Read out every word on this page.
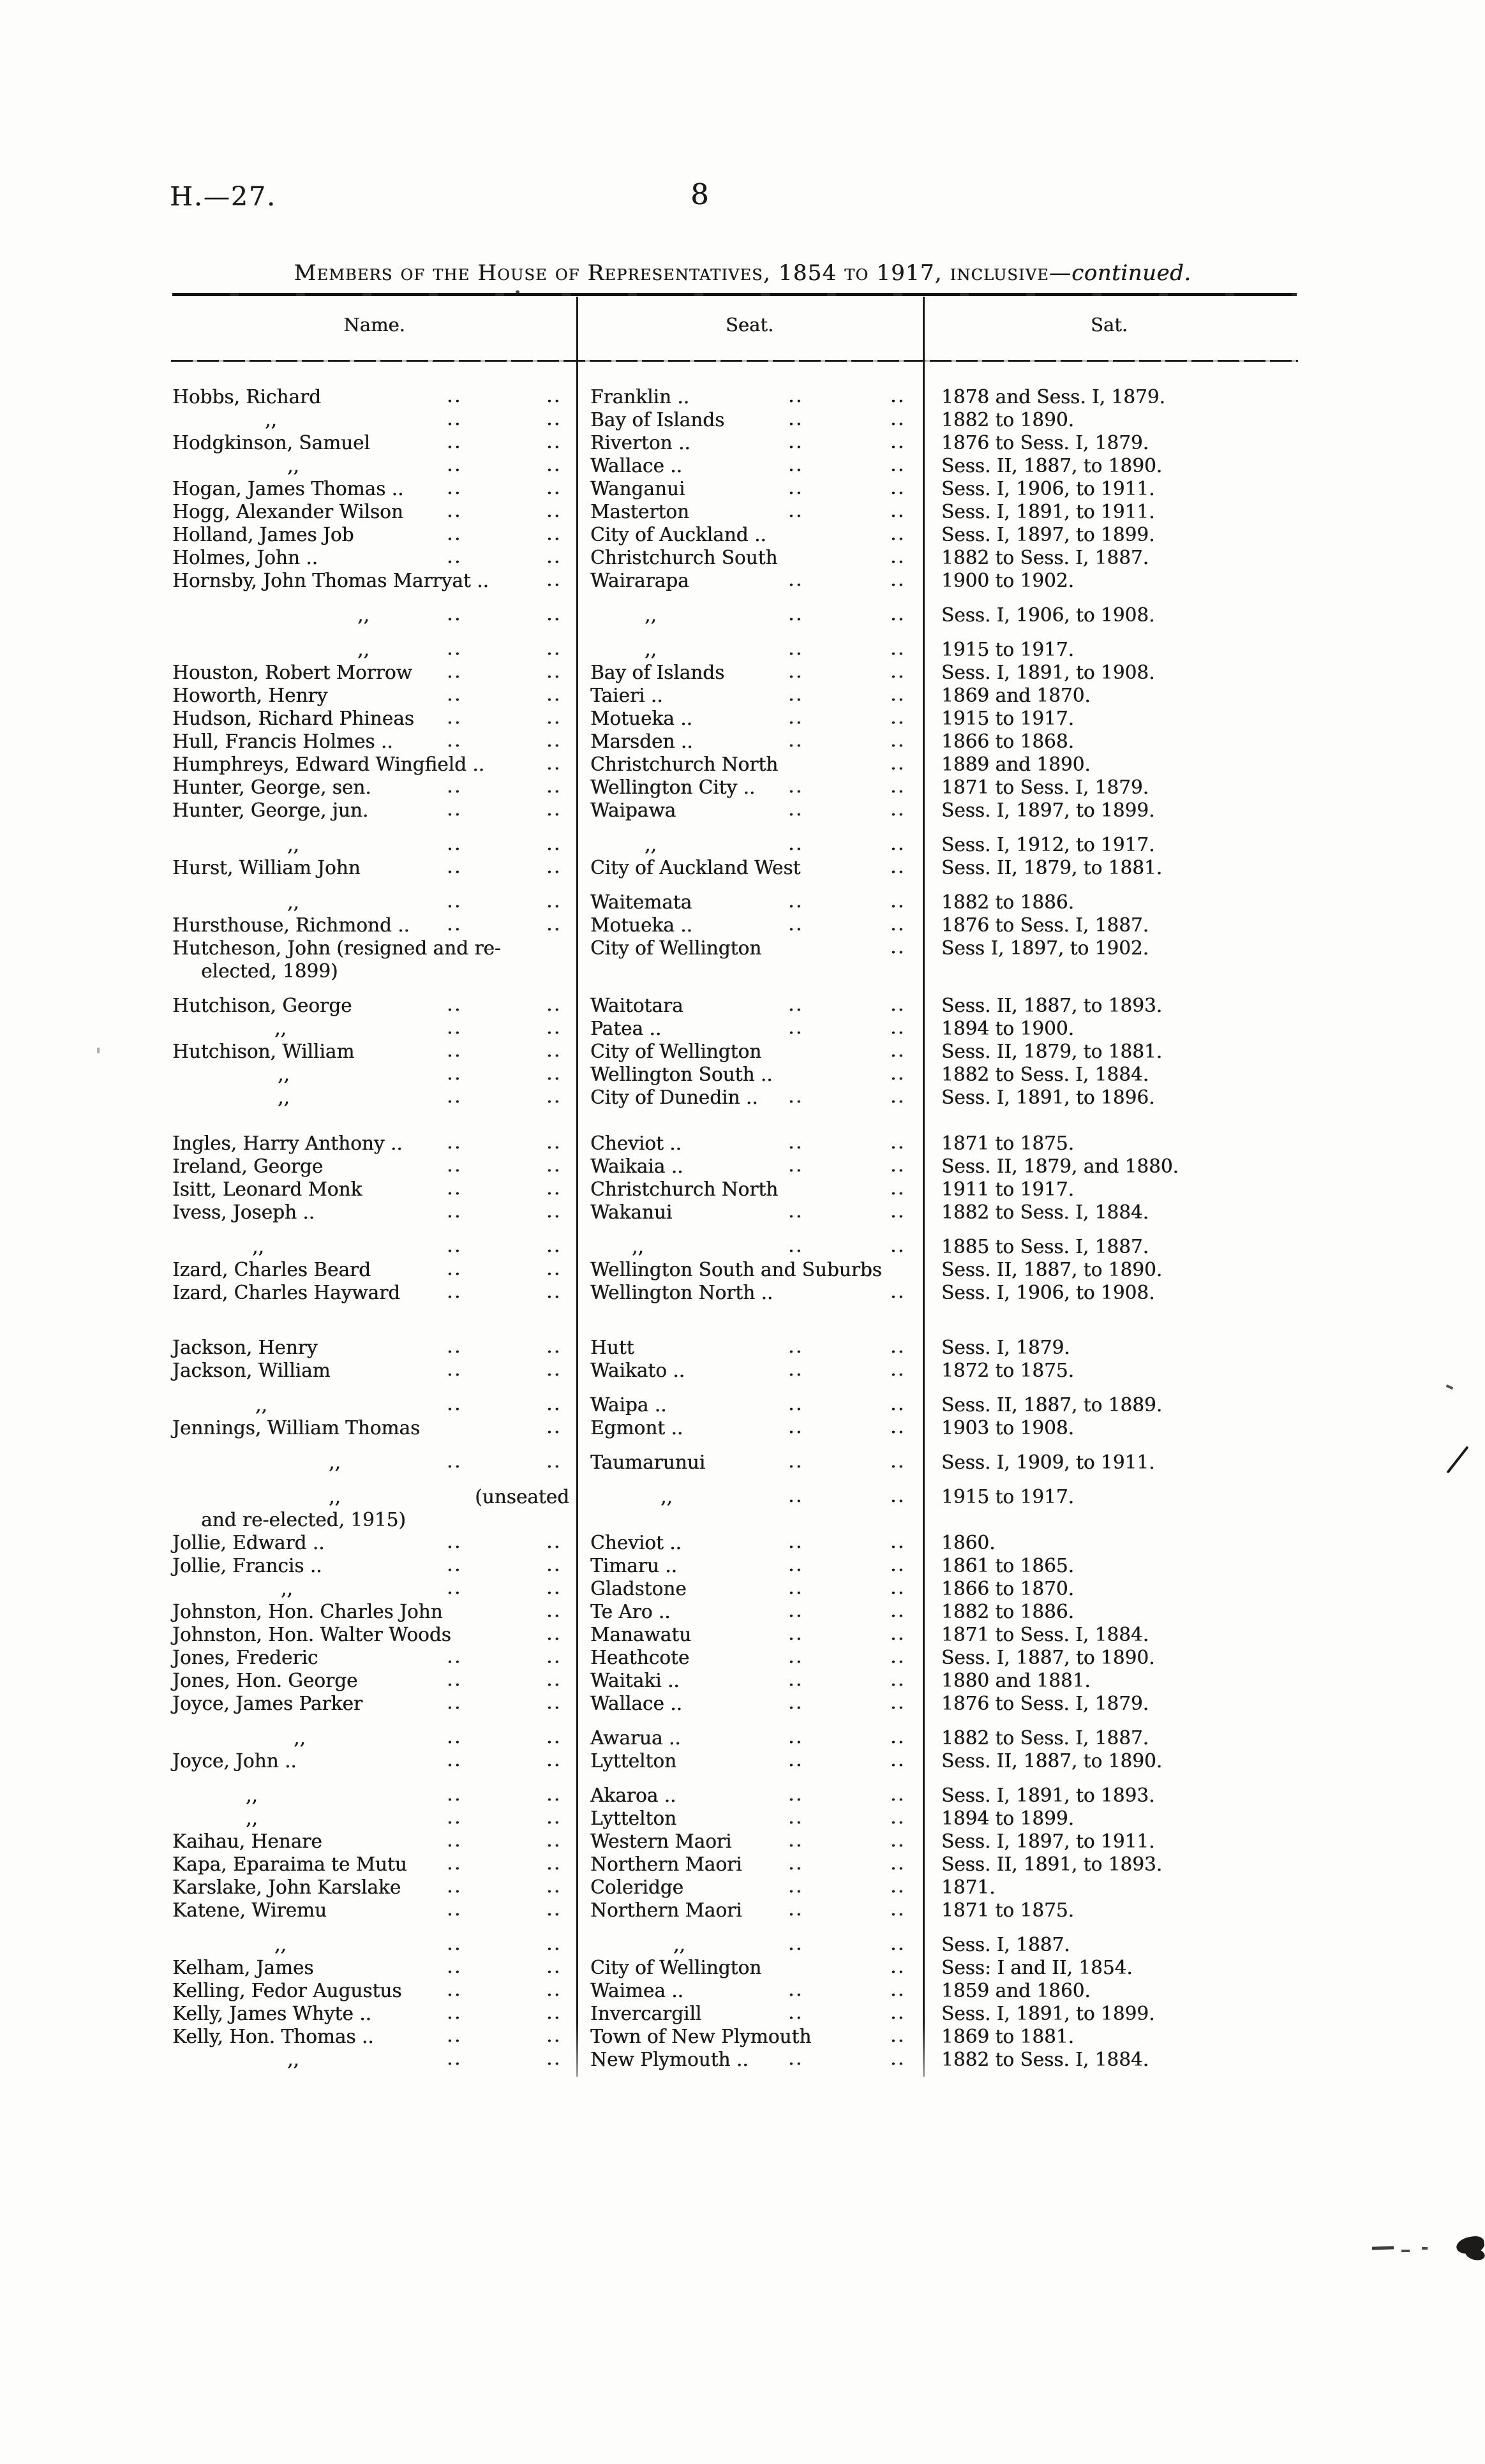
H.—27.	8
Members of the House of Representatives, 1854 to 1917, inclusive—continued.
Name.	Seat.	Sat.
Hobbs, Richard	..	.. Franklin ..	..	.. 1878 and Sess. I, 1879.
,,	..	.. Bay of Islands	..	.. 1882 to 1890.
Hodgkinson, Samuel	..	.. Riverton ..	..	.. 1876 to Sess. I, 1879.
,,	..	.. Wallace ..	..	.. Sess. II, 1887, to 1890.
Hogan, James Thomas .. ..	.. Wanganui	..	.. Sess. I, 1906, to 1911.
Hogg, Alexander Wilson ..	.. Masterton	..	.. Sess. I, 1891, to 1911.
Holland, James Job	..	.. City of Auckland ..	.. Sess. I, 1897, to 1899.
Holmes, John ..	..	.. Christchurch South	.. 1882 to Sess. I, 1887.
Hornsby, John Thomas Marryat ..	.. Wairarapa	..	.. 1900 to 1902.
,,	..	..	,,	..	.. Sess. I, 1906, to 1908.
,,	..	..	,,	..	.. 1915 to 1917.
Houston, Robert Morrow ..	.. Bay of Islands	..	.. Sess. I, 1891, to 1908.
Howorth, Henry	..	.. Taieri ..	..	.. 1869 and 1870.
Hudson, Richard Phineas ..	.. Motueka ..	..	.. 1915 to 1917.
Hull, Francis Holmes ..	..	.. Marsden ..	..	.. 1866 to 1868.
Humphreys, Edward Wingfield ..	.. Christchurch North	.. 1889 and 1890.
Hunter, George, sen.	..	.. Wellington City .. ..	.. 1871 to Sess. I, 1879.
Hunter, George, jun.	..	.. Waipawa	..	.. Sess. I, 1897, to 1899.
,,	..	..	,,	..	.. Sess. I, 1912, to 1917.
Hurst, William John	..	.. City of Auckland West	.. Sess. II, 1879, to 1881.
,,	..	.. Waitemata	..	.. 1882 to 1886.
Hursthouse, Richmond .. ..	.. Motueka ..	..	.. 1876 to Sess. I, 1887.
Hutcheson, John (resigned and re-	City of Wellington	.. Sess I, 1897, to 1902.
elected, 1899)
Hutchison, George	..	.. Waitotara	..	.. Sess. II, 1887, to 1893.
,,	..	.. Patea ..	..	.. 1894 to 1900.
Hutchison, William	..	.. City of Wellington	.. Sess. II, 1879, to 1881.
,,	..	.. Wellington South ..	.. 1882 to Sess. I, 1884.
,,	..	.. City of Dunedin .. ..	.. Sess. I, 1891, to 1896.
Ingles, Harry Anthony .. ..	.. Cheviot ..	..	.. 1871 to 1875.
Ireland, George	..	.. Waikaia ..	..	.. Sess. II, 1879, and 1880.
Isitt, Leonard Monk	..	.. Christchurch North	.. 1911 to 1917.
Ivess, Joseph ..	..	.. Wakanui	..	.. 1882 to Sess. I, 1884.
,,	..	..	,,	..	.. 1885 to Sess. I, 1887.
Izard, Charles Beard	..	.. Wellington South and Suburbs	Sess. II, 1887, to 1890.
Izard, Charles Hayward ..	.. Wellington North ..	.. Sess. I, 1906, to 1908.
Jackson, Henry	..	.. Hutt	..	.. Sess. I, 1879.
Jackson, William	..	.. Waikato ..	..	.. 1872 to 1875.
,,	..	.. Waipa ..	..	.. Sess. II, 1887, to 1889.
Jennings, William Thomas	.. Egmont ..	..	.. 1903 to 1908.
,,	..	.. Taumarunui	..	.. Sess. I, 1909, to 1911.
,,	(unseated	,,	..	.. 1915 to 1917.
and re-elected, 1915)
Jollie, Edward ..	..	.. Cheviot ..	..	.. 1860.
Jollie, Francis ..	..	.. Timaru ..	..	.. 1861 to 1865.
,,	..	.. Gladstone	..	.. 1866 to 1870.
Johnston, Hon. Charles John	.. Te Aro ..	..	.. 1882 to 1886.
Johnston, Hon. Walter Woods	.. Manawatu	..	.. 1871 to Sess. I, 1884.
Jones, Frederic	..	.. Heathcote	..	.. Sess. I, 1887, to 1890.
Jones, Hon. George	..	.. Waitaki ..	..	.. 1880 and 1881.
Joyce, James Parker	..	.. Wallace ..	..	.. 1876 to Sess. I, 1879.
,,	..	.. Awarua ..	..	.. 1882 to Sess. I, 1887.
Joyce, John ..	..	.. Lyttelton	..	.. Sess. II, 1887, to 1890.
,,	..	.. Akaroa ..	..	.. Sess. I, 1891, to 1893.
,,	..	.. Lyttelton	..	.. 1894 to 1899.
Kaihau, Henare	..	.. Western Maori	..	.. Sess. I, 1897, to 1911.
Kapa, Eparaima te Mutu ..	.. Northern Maori ..	.. Sess. II, 1891, to 1893.
Karslake, John Karslake ..	.. Coleridge	..	.. 1871.
Katene, Wiremu	..	.. Northern Maori ..	.. 1871 to 1875.
,,	..	..	,,	..	.. Sess. I, 1887.
Kelham, James	..	.. City of Wellington	.. Sess: I and II, 1854.
Kelling, Fedor Augustus ..	.. Waimea ..	..	.. 1859 and 1860.
Kelly, James Whyte ..	..	.. Invercargill	..	.. Sess. I, 1891, to 1899.
Kelly, Hon. Thomas ..	..	.. Town of New Plymouth	.. 1869 to 1881.
,,	..	.. New Plymouth .. ..	.. 1882 to Sess. I, 1884.
